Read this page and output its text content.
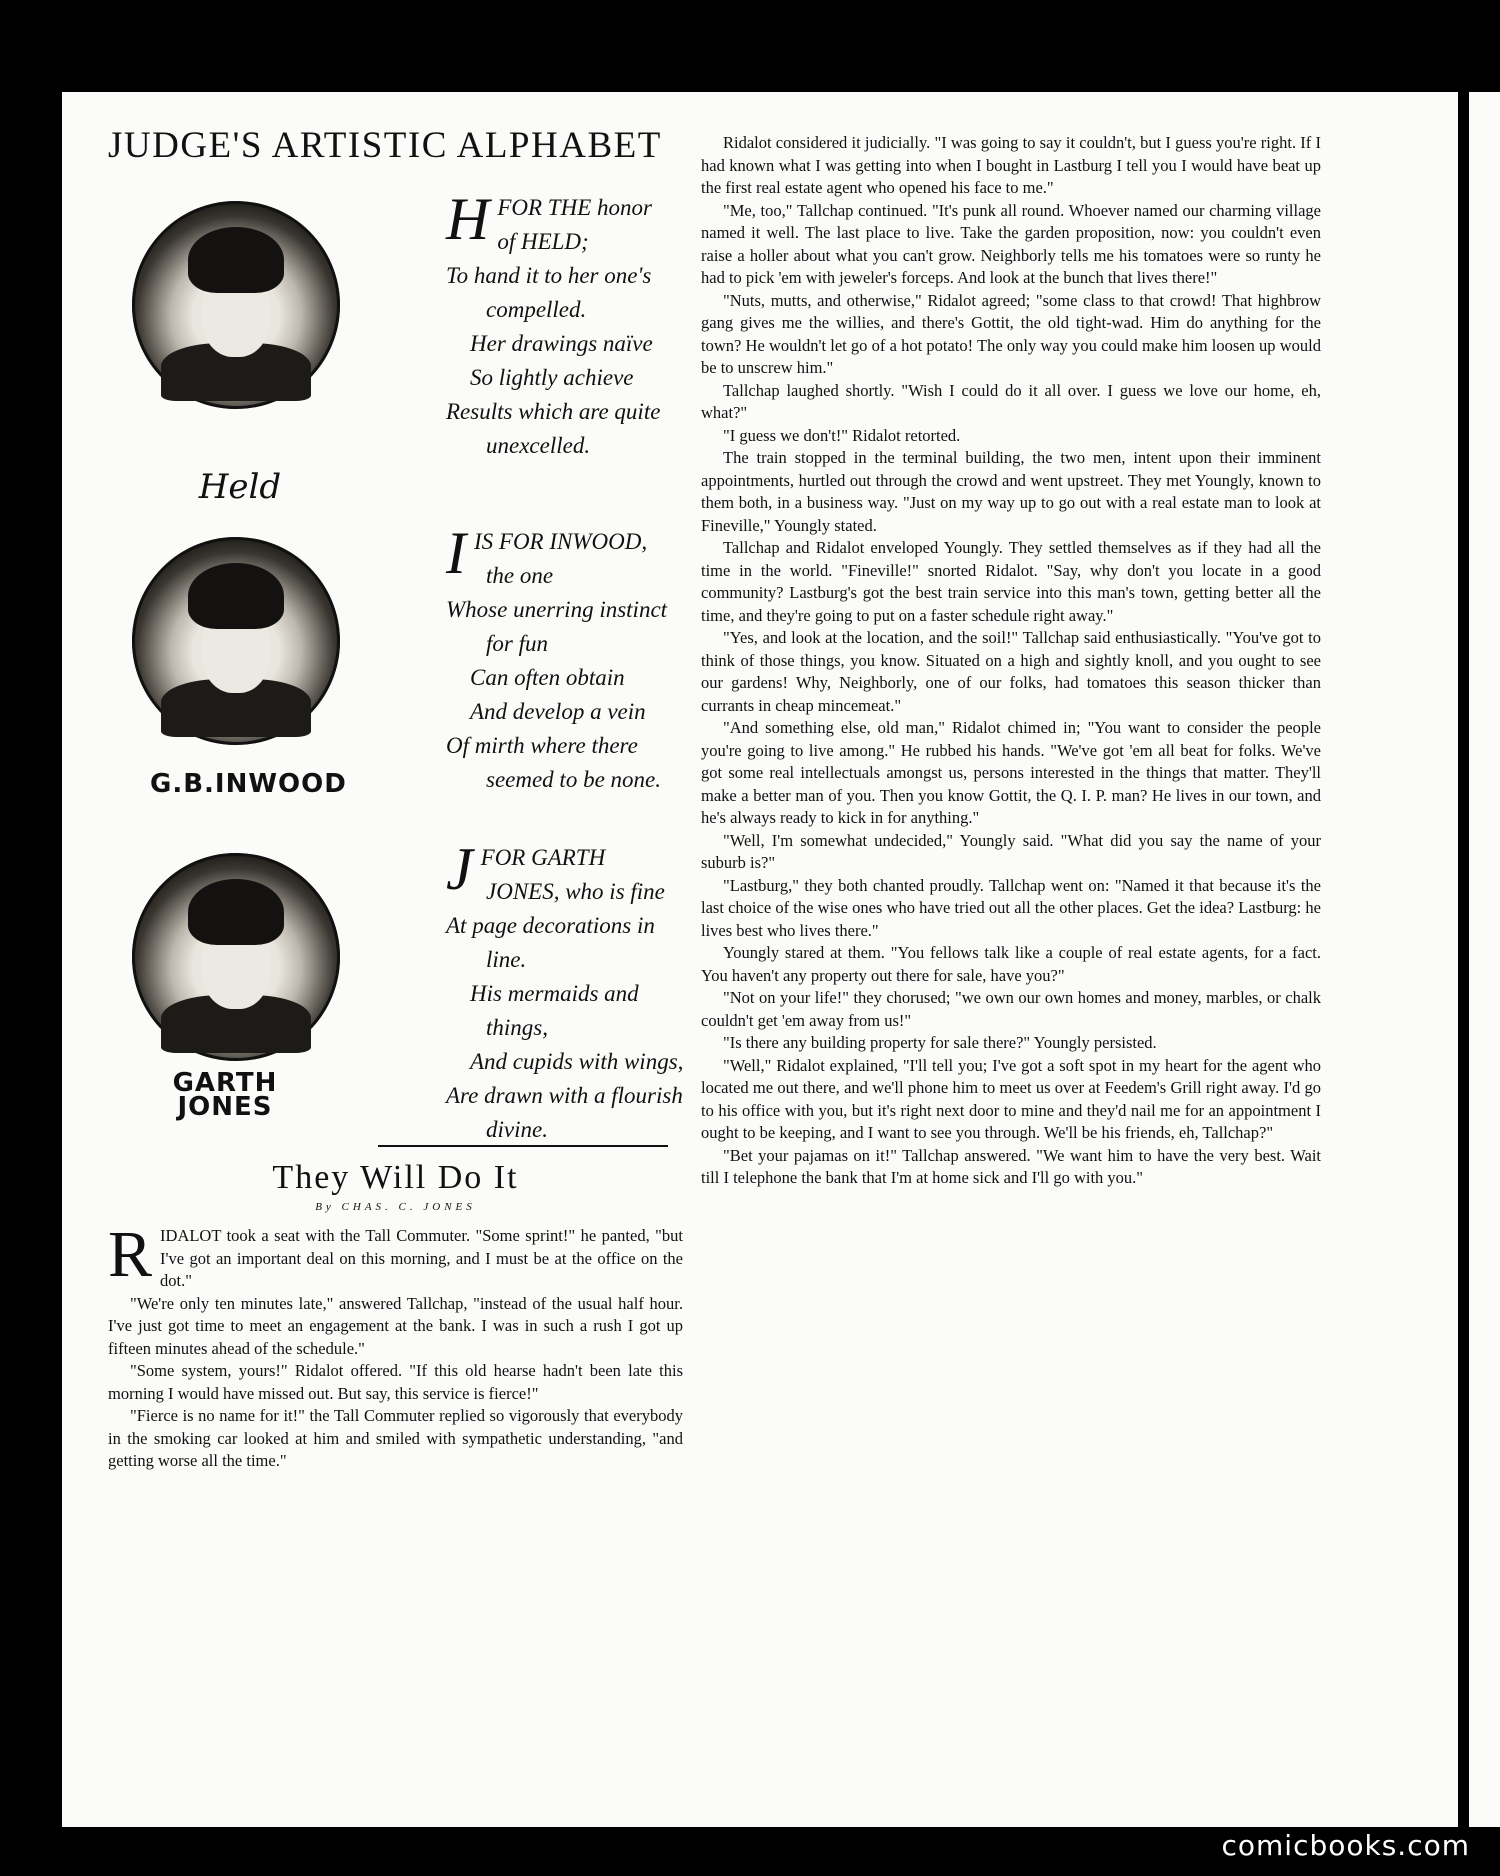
JUDGE'S ARTISTIC ALPHABET
Held
H FOR THE honor

of HELD;

To hand it to her one's

compelled.

Her drawings naïve

So lightly achieve

Results which are quite

unexcelled.

G.B.INWOOD
I IS FOR INWOOD,

the one

Whose unerring instinct

for fun

Can often obtain

And develop a vein

Of mirth where there

seemed to be none.

GARTH JONES
J FOR GARTH

JONES, who is fine

At page decorations in

line.

His mermaids and

things,

And cupids with wings,

Are drawn with a flourish

divine.

They Will Do It
By CHAS. C. JONES

RIDALOT took a seat with the Tall Commuter. "Some sprint!" he panted, "but I've got an important deal on this morning, and I must be at the office on the dot."

"We're only ten minutes late," answered Tallchap, "instead of the usual half hour. I've just got time to meet an engagement at the bank. I was in such a rush I got up fifteen minutes ahead of the schedule."

"Some system, yours!" Ridalot offered. "If this old hearse hadn't been late this morning I would have missed out. But say, this service is fierce!"

"Fierce is no name for it!" the Tall Commuter replied so vigorously that everybody in the smoking car looked at him and smiled with sympathetic understanding, "and getting worse all the time."

Ridalot considered it judicially. "I was going to say it couldn't, but I guess you're right. If I had known what I was getting into when I bought in Lastburg I tell you I would have beat up the first real estate agent who opened his face to me."

"Me, too," Tallchap continued. "It's punk all round. Whoever named our charming village named it well. The last place to live. Take the garden proposition, now: you couldn't even raise a holler about what you can't grow. Neighborly tells me his tomatoes were so runty he had to pick 'em with jeweler's forceps. And look at the bunch that lives there!"

"Nuts, mutts, and otherwise," Ridalot agreed; "some class to that crowd! That highbrow gang gives me the willies, and there's Gottit, the old tight-wad. Him do anything for the town? He wouldn't let go of a hot potato! The only way you could make him loosen up would be to unscrew him."

Tallchap laughed shortly. "Wish I could do it all over. I guess we love our home, eh, what?"

"I guess we don't!" Ridalot retorted.

The train stopped in the terminal building, the two men, intent upon their imminent appointments, hurtled out through the crowd and went upstreet. They met Youngly, known to them both, in a business way. "Just on my way up to go out with a real estate man to look at Fineville," Youngly stated.

Tallchap and Ridalot enveloped Youngly. They settled themselves as if they had all the time in the world. "Fineville!" snorted Ridalot. "Say, why don't you locate in a good community? Lastburg's got the best train service into this man's town, getting better all the time, and they're going to put on a faster schedule right away."

"Yes, and look at the location, and the soil!" Tallchap said enthusiastically. "You've got to think of those things, you know. Situated on a high and sightly knoll, and you ought to see our gardens! Why, Neighborly, one of our folks, had tomatoes this season thicker than currants in cheap mincemeat."

"And something else, old man," Ridalot chimed in; "You want to consider the people you're going to live among." He rubbed his hands. "We've got 'em all beat for folks. We've got some real intellectuals amongst us, persons interested in the things that matter. They'll make a better man of you. Then you know Gottit, the Q. I. P. man? He lives in our town, and he's always ready to kick in for anything."

"Well, I'm somewhat undecided," Youngly said. "What did you say the name of your suburb is?"

"Lastburg," they both chanted proudly. Tallchap went on: "Named it that because it's the last choice of the wise ones who have tried out all the other places. Get the idea? Lastburg: he lives best who lives there."

Youngly stared at them. "You fellows talk like a couple of real estate agents, for a fact. You haven't any property out there for sale, have you?"

"Not on your life!" they chorused; "we own our own homes and money, marbles, or chalk couldn't get 'em away from us!"

"Is there any building property for sale there?" Youngly persisted.

"Well," Ridalot explained, "I'll tell you; I've got a soft spot in my heart for the agent who located me out there, and we'll phone him to meet us over at Feedem's Grill right away. I'd go to his office with you, but it's right next door to mine and they'd nail me for an appointment I ought to be keeping, and I want to see you through. We'll be his friends, eh, Tallchap?"

"Bet your pajamas on it!" Tallchap answered. "We want him to have the very best. Wait till I telephone the bank that I'm at home sick and I'll go with you."

comicbooks.com
